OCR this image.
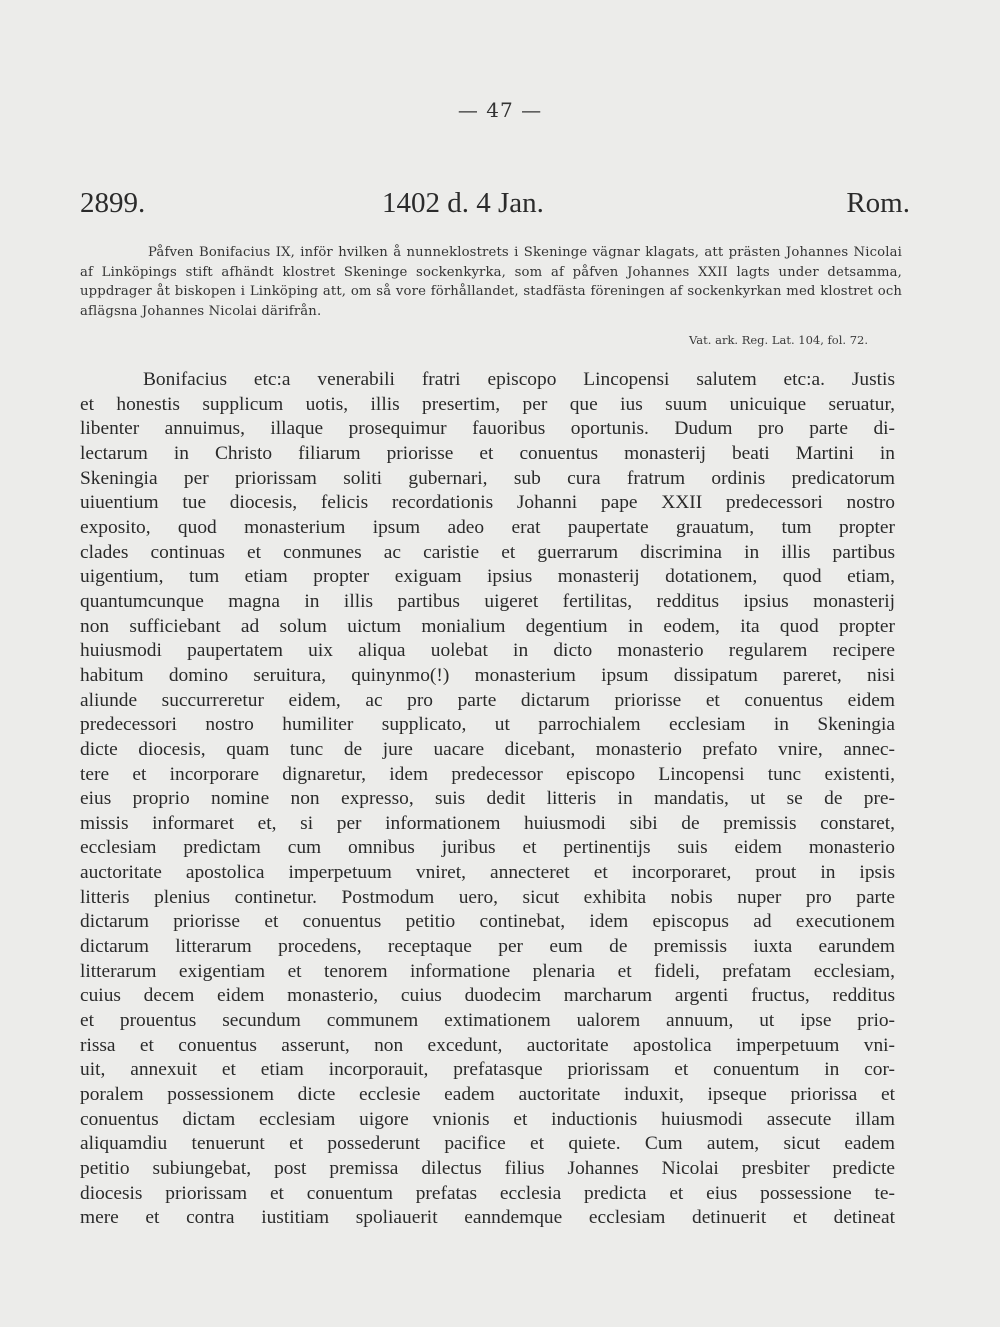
— 47 —
2899.	1402 d. 4 Jan.	Rom.
Påfven Bonifacius IX, inför hvilken å nunneklostrets i Skeninge vägnar klagats, att prästen Johannes Nicolai af Linköpings stift afhändt klostret Skeninge sockenkyrka, som af påfven Johannes XXII lagts under detsamma, uppdrager åt biskopen i Linköping att, om så vore förhållandet, stadfästa föreningen af sockenkyrkan med klostret och aflägsna Johannes Nicolai därifrån.
Vat. ark. Reg. Lat. 104, fol. 72.
Bonifacius etc:a venerabili fratri episcopo Lincopensi salutem etc:a. Justis
et honestis supplicum uotis, illis presertim, per que ius suum unicuique seruatur,
libenter annuimus, illaque prosequimur fauoribus oportunis. Dudum pro parte di-
lectarum in Christo filiarum priorisse et conuentus monasterij beati Martini in
Skeningia per priorissam soliti gubernari, sub cura fratrum ordinis predicatorum
uiuentium tue diocesis, felicis recordationis Johanni pape XXII predecessori nostro
exposito, quod monasterium ipsum adeo erat paupertate grauatum, tum propter
clades continuas et conmunes ac caristie et guerrarum discrimina in illis partibus
uigentium, tum etiam propter exiguam ipsius monasterij dotationem, quod etiam,
quantumcunque magna in illis partibus uigeret fertilitas, redditus ipsius monasterij
non sufficiebant ad solum uictum monialium degentium in eodem, ita quod propter
huiusmodi paupertatem uix aliqua uolebat in dicto monasterio regularem recipere
habitum domino seruitura, quinynmo(!) monasterium ipsum dissipatum pareret, nisi
aliunde succurreretur eidem, ac pro parte dictarum priorisse et conuentus eidem
predecessori nostro humiliter supplicato, ut parrochialem ecclesiam in Skeningia
dicte diocesis, quam tunc de jure uacare dicebant, monasterio prefato vnire, annec-
tere et incorporare dignaretur, idem predecessor episcopo Lincopensi tunc existenti,
eius proprio nomine non expresso, suis dedit litteris in mandatis, ut se de pre-
missis informaret et, si per informationem huiusmodi sibi de premissis constaret,
ecclesiam predictam cum omnibus juribus et pertinentijs suis eidem monasterio
auctoritate apostolica imperpetuum vniret, annecteret et incorporaret, prout in ipsis
litteris plenius continetur. Postmodum uero, sicut exhibita nobis nuper pro parte
dictarum priorisse et conuentus petitio continebat, idem episcopus ad executionem
dictarum litterarum procedens, receptaque per eum de premissis iuxta earundem
litterarum exigentiam et tenorem informatione plenaria et fideli, prefatam ecclesiam,
cuius decem eidem monasterio, cuius duodecim marcharum argenti fructus, redditus
et prouentus secundum communem extimationem ualorem annuum, ut ipse prio-
rissa et conuentus asserunt, non excedunt, auctoritate apostolica imperpetuum vni-
uit, annexuit et etiam incorporauit, prefatasque priorissam et conuentum in cor-
poralem possessionem dicte ecclesie eadem auctoritate induxit, ipseque priorissa et
conuentus dictam ecclesiam uigore vnionis et inductionis huiusmodi assecute illam
aliquamdiu tenuerunt et possederunt pacifice et quiete. Cum autem, sicut eadem
petitio subiungebat, post premissa dilectus filius Johannes Nicolai presbiter predicte
diocesis priorissam et conuentum prefatas ecclesia predicta et eius possessione te-
mere et contra iustitiam spoliauerit eanndemque ecclesiam detinuerit et detineat
